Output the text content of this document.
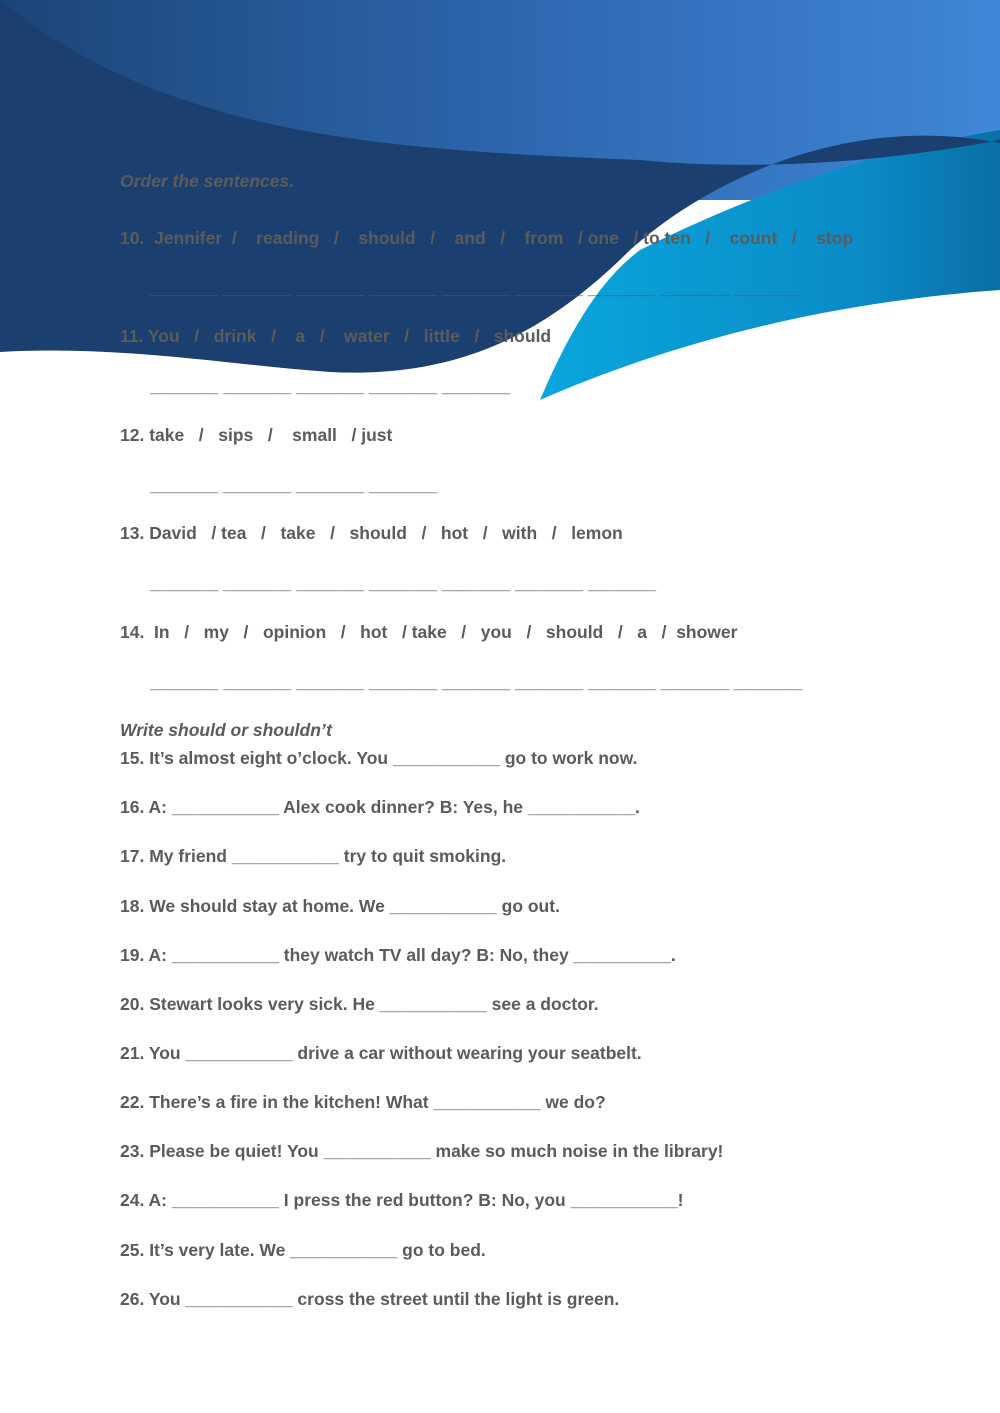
Order the sentences.

10.  Jennifer  /    reading   /    should   /    and   /    from   / one   / to ten   /    count   /    stop

_______ _______ _______ _______ _______ _______ _______ _______ _______

11. You   /   drink   /    a   /    water   /   little   /   should

_______ _______ _______ _______ _______

12. take   /   sips   /    small   / just

_______ _______ _______ _______

13. David   / tea   /   take   /   should   /   hot   /   with   /   lemon

_______ _______ _______ _______ _______ _______ _______

14.  In   /   my   /   opinion   /   hot   / take   /   you   /   should   /   a   /  shower

_______ _______ _______ _______ _______ _______ _______ _______ _______

Write should or shouldn’t

15. It’s almost eight o’clock. You ___________ go to work now.

16. A: ___________ Alex cook dinner? B: Yes, he ___________.

17. My friend ___________ try to quit smoking.

18. We should stay at home. We ___________ go out.

19. A: ___________ they watch TV all day? B: No, they __________.

20. Stewart looks very sick. He ___________ see a doctor.

21. You ___________ drive a car without wearing your seatbelt.

22. There’s a fire in the kitchen! What ___________ we do?

23. Please be quiet! You ___________ make so much noise in the library!

24. A: ___________ I press the red button? B: No, you ___________!

25. It’s very late. We ___________ go to bed.

26. You ___________ cross the street until the light is green.
